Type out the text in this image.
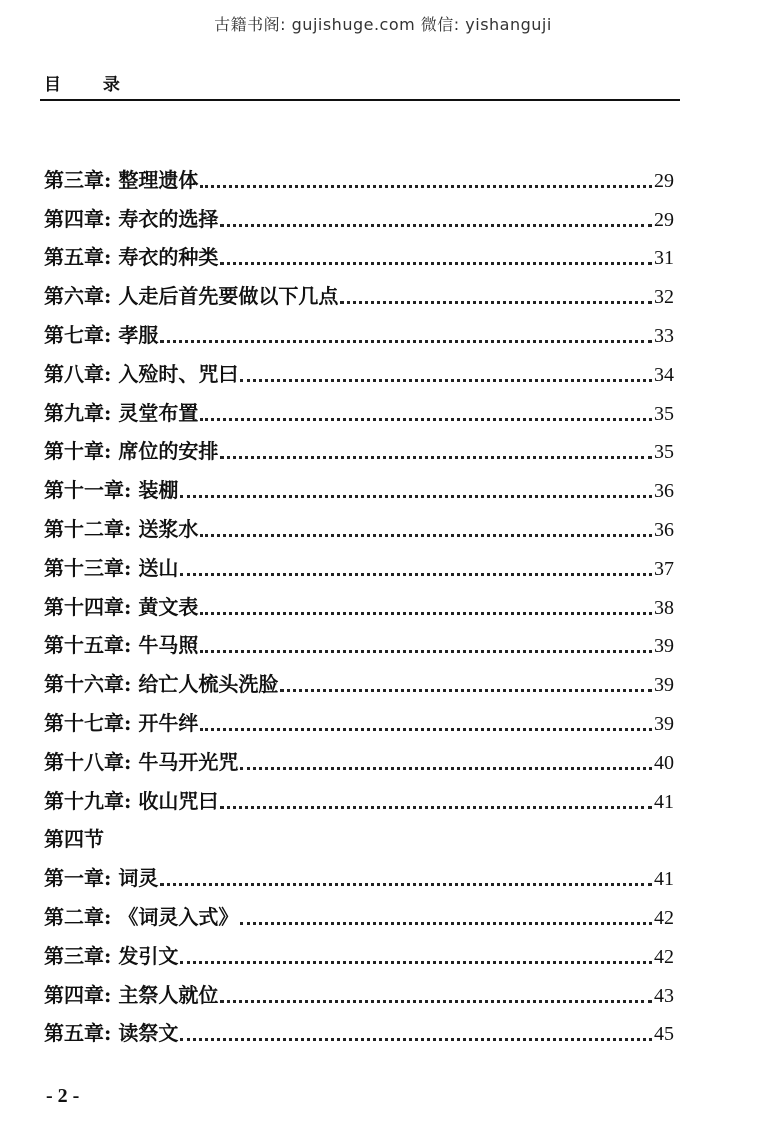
古籍书阁: gujishuge.com 微信: yishanguji
目 录
第三章: 整理遗体	29
第四章: 寿衣的选择	29
第五章: 寿衣的种类	31
第六章: 人走后首先要做以下几点	32
第七章: 孝服	33
第八章: 入殓时、咒曰	34
第九章: 灵堂布置	35
第十章: 席位的安排	35
第十一章: 装棚	36
第十二章: 送浆水	36
第十三章: 送山	37
第十四章: 黄文表	38
第十五章: 牛马照	39
第十六章: 给亡人梳头洗脸	39
第十七章: 开牛绊	39
第十八章: 牛马开光咒	40
第十九章: 收山咒曰	41
第四节
第一章: 词灵	41
第二章: 《词灵入式》	42
第三章: 发引文	42
第四章: 主祭人就位	43
第五章: 读祭文	45
- 2 -
